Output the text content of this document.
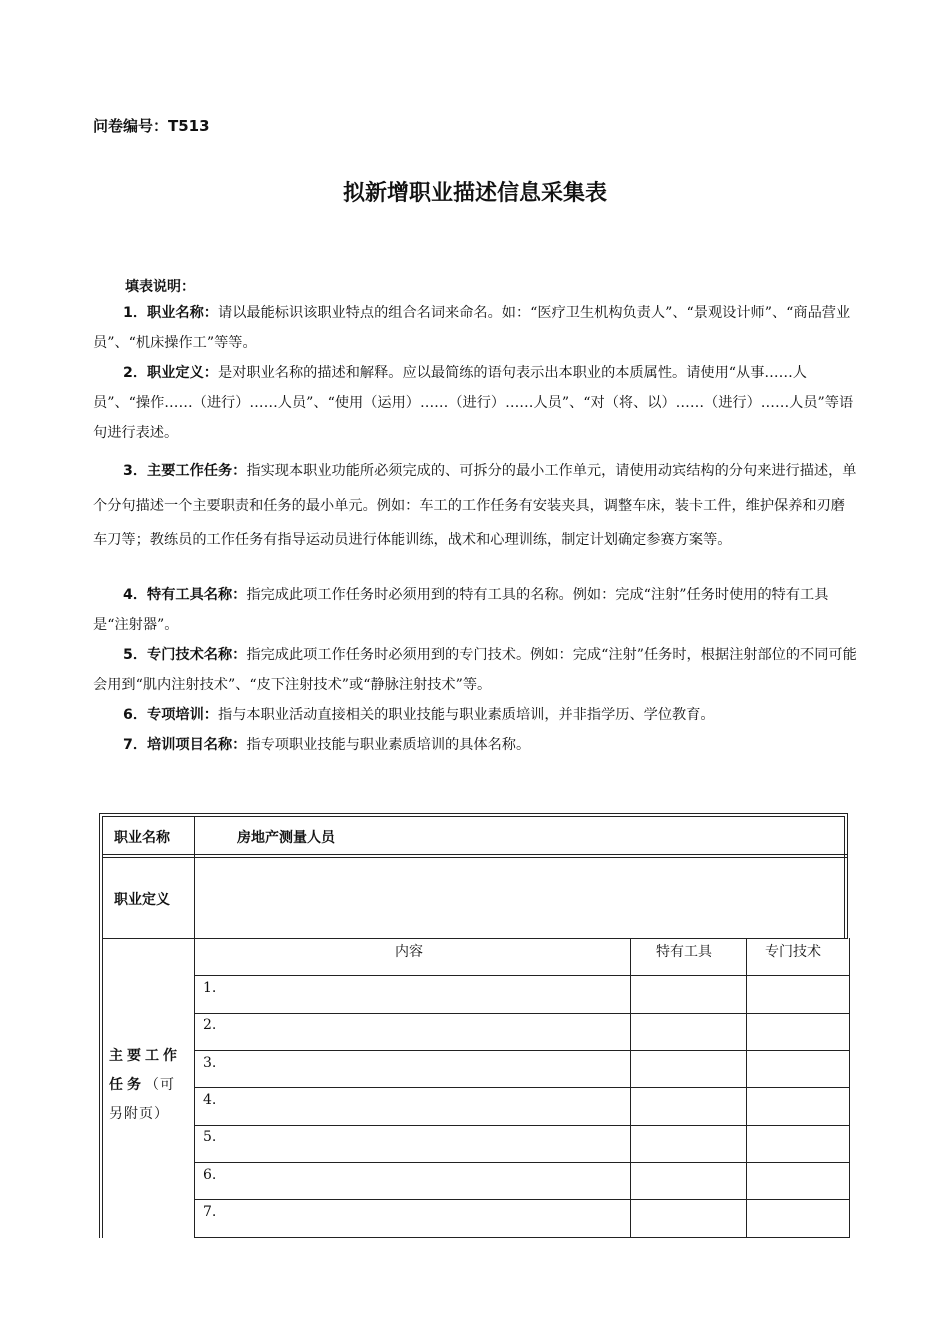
问卷编号：T513
拟新增职业描述信息采集表
填表说明：
1．职业名称：请以最能标识该职业特点的组合名词来命名。如：“医疗卫生机构负责人”、“景观设计师”、“商品营业员”、“机床操作工”等等。
2．职业定义：是对职业名称的描述和解释。应以最简练的语句表示出本职业的本质属性。请使用“从事……人员”、“操作……（进行）……人员”、“使用（运用）……（进行）……人员”、“对（将、以）……（进行）……人员”等语句进行表述。
3．主要工作任务：指实现本职业功能所必须完成的、可拆分的最小工作单元，请使用动宾结构的分句来进行描述，单个分句描述一个主要职责和任务的最小单元。例如：车工的工作任务有安装夹具，调整车床，装卡工件，维护保养和刃磨车刀等；教练员的工作任务有指导运动员进行体能训练，战术和心理训练，制定计划确定参赛方案等。
4．特有工具名称：指完成此项工作任务时必须用到的特有工具的名称。例如：完成“注射”任务时使用的特有工具是“注射器”。
5．专门技术名称：指完成此项工作任务时必须用到的专门技术。例如：完成“注射”任务时，根据注射部位的不同可能会用到“肌内注射技术”、“皮下注射技术”或“静脉注射技术”等。
6．专项培训：指与本职业活动直接相关的职业技能与职业素质培训，并非指学历、学位教育。
7．培训项目名称：指专项职业技能与职业素质培训的具体名称。
职业名称	房地产测量人员
职业定义
主要工作任务（可另附页）
内容	特有工具	专门技术
1.
2.
3.
4.
5.
6.
7.
